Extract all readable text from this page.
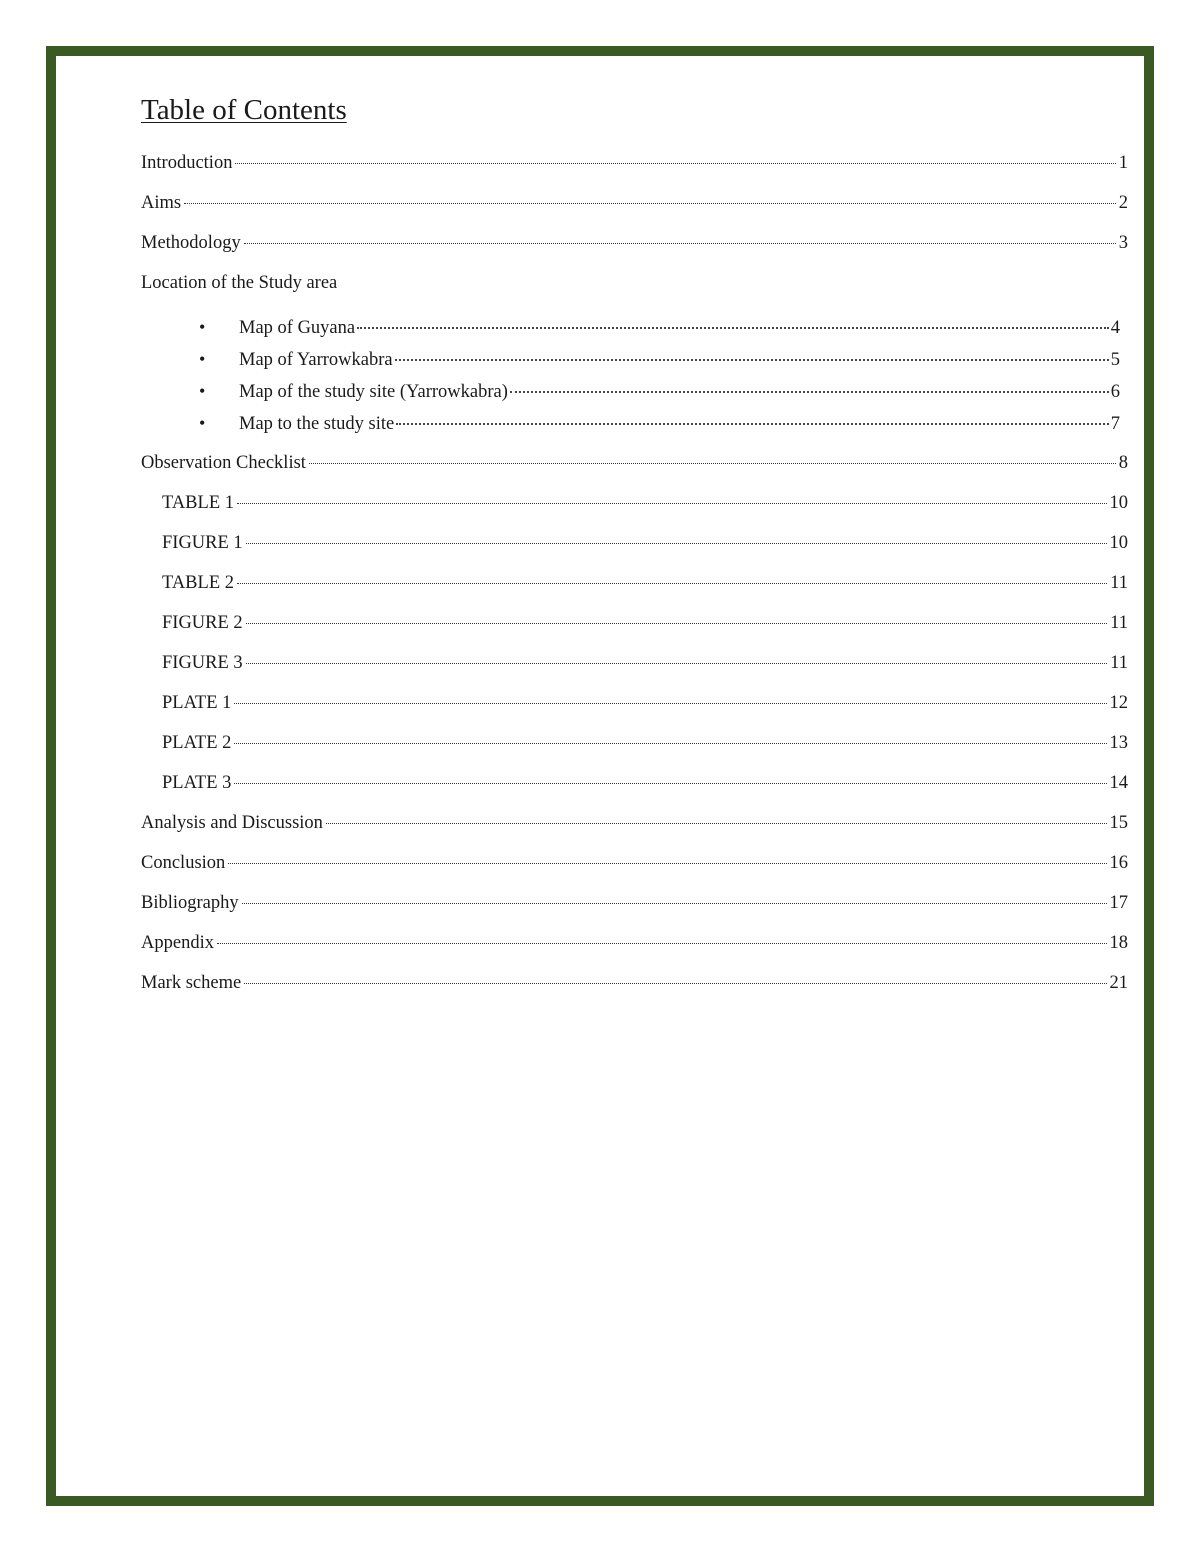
Table of Contents
Introduction	1
Aims	2
Methodology	3
Location of the Study area
•	Map of Guyana	4
•	Map of Yarrowkabra	5
•	Map of the study site (Yarrowkabra)	6
•	Map to the study site	7
Observation Checklist	8
TABLE 1	10
FIGURE 1	10
TABLE 2	11
FIGURE 2	11
FIGURE 3	11
PLATE 1	12
PLATE 2	13
PLATE 3	14
Analysis and Discussion	15
Conclusion	16
Bibliography	17
Appendix	18
Mark scheme	21
